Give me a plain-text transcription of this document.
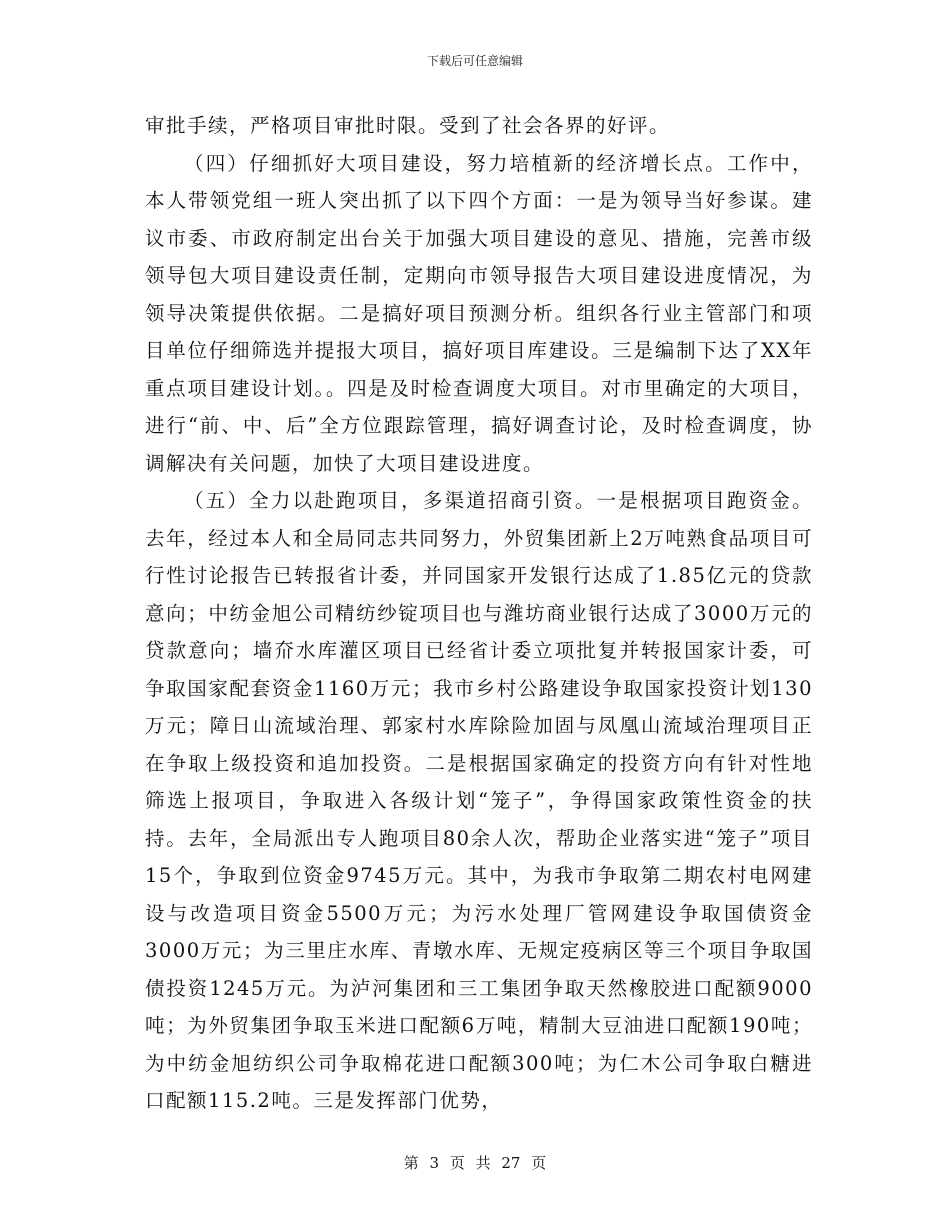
下载后可任意编辑

审批手续，严格项目审批时限。受到了社会各界的好评。

（四）仔细抓好大项目建设，努力培植新的经济增长点。工作中，本人带领党组一班人突出抓了以下四个方面：一是为领导当好参谋。建议市委、市政府制定出台关于加强大项目建设的意见、措施，完善市级领导包大项目建设责任制，定期向市领导报告大项目建设进度情况，为领导决策提供依据。二是搞好项目预测分析。组织各行业主管部门和项目单位仔细筛选并提报大项目，搞好项目库建设。三是编制下达了XX年重点项目建设计划。。四是及时检查调度大项目。对市里确定的大项目，进行“前、中、后”全方位跟踪管理，搞好调查讨论，及时检查调度，协调解决有关问题，加快了大项目建设进度。

（五）全力以赴跑项目，多渠道招商引资。一是根据项目跑资金。去年，经过本人和全局同志共同努力，外贸集团新上2万吨熟食品项目可行性讨论报告已转报省计委，并同国家开发银行达成了1.85亿元的贷款意向；中纺金旭公司精纺纱锭项目也与潍坊商业银行达成了3000万元的贷款意向；墙夼水库灌区项目已经省计委立项批复并转报国家计委，可争取国家配套资金1160万元；我市乡村公路建设争取国家投资计划130万元；障日山流域治理、郭家村水库除险加固与凤凰山流域治理项目正在争取上级投资和追加投资。二是根据国家确定的投资方向有针对性地筛选上报项目，争取进入各级计划“笼子”，争得国家政策性资金的扶持。去年，全局派出专人跑项目80余人次，帮助企业落实进“笼子”项目15个，争取到位资金9745万元。其中，为我市争取第二期农村电网建设与改造项目资金5500万元；为污水处理厂管网建设争取国债资金3000万元；为三里庄水库、青墩水库、无规定疫病区等三个项目争取国债投资1245万元。为泸河集团和三工集团争取天然橡胶进口配额9000吨；为外贸集团争取玉米进口配额6万吨，精制大豆油进口配额190吨；为中纺金旭纺织公司争取棉花进口配额300吨；为仁木公司争取白糖进口配额115.2吨。三是发挥部门优势，

第 3 页 共 27 页
